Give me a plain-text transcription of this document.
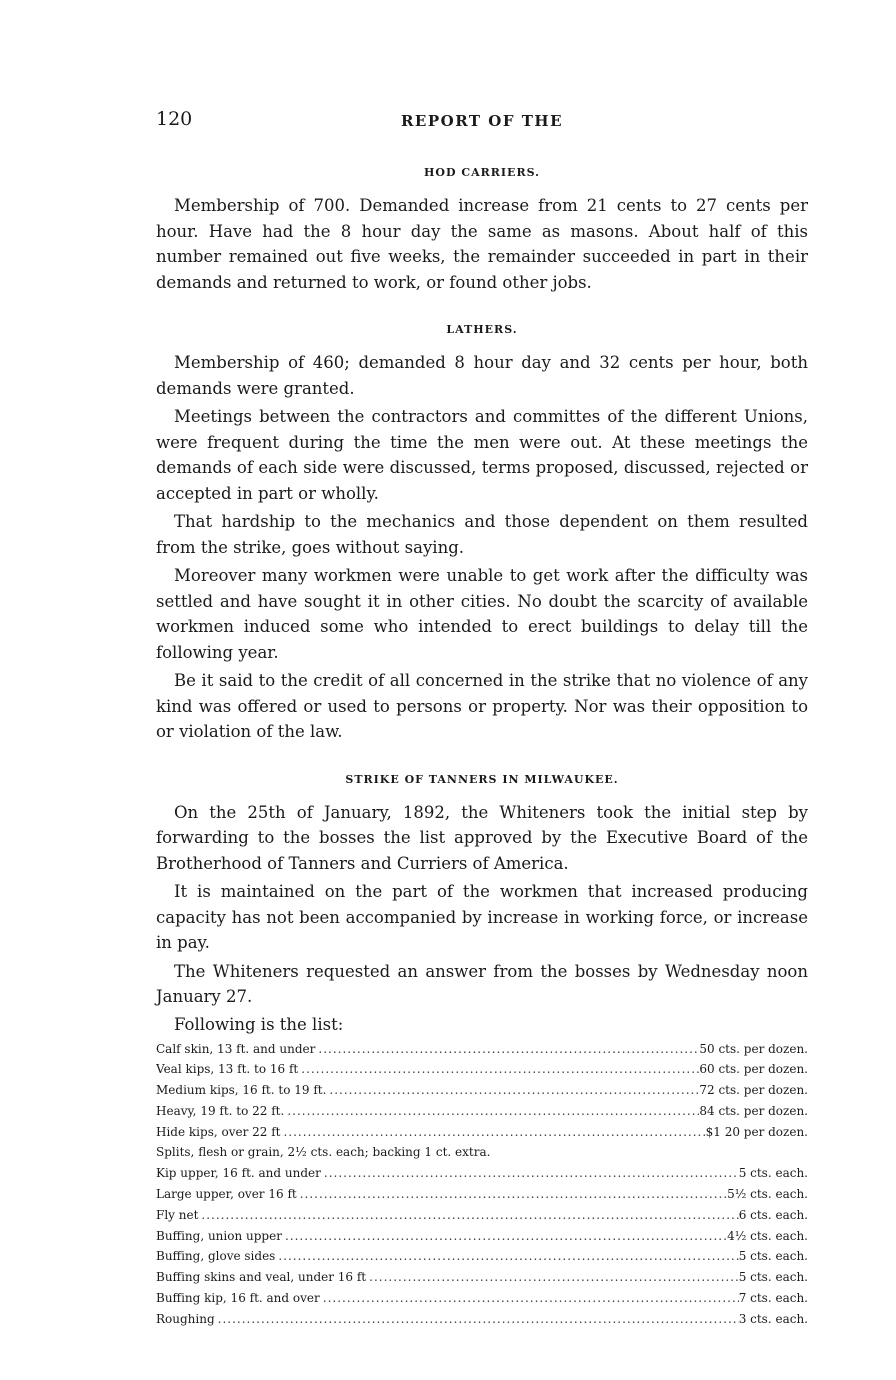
120	REPORT OF THE
HOD CARRIERS.

Membership of 700. Demanded increase from 21 cents to 27 cents per hour. Have had the 8 hour day the same as masons. About half of this number remained out five weeks, the remainder succeeded in part in their demands and returned to work, or found other jobs.

LATHERS.

Membership of 460; demanded 8 hour day and 32 cents per hour, both demands were granted.

Meetings between the contractors and committes of the different Unions, were frequent during the time the men were out. At these meetings the demands of each side were discussed, terms proposed, discussed, rejected or accepted in part or wholly.

That hardship to the mechanics and those dependent on them resulted from the strike, goes without saying.

Moreover many workmen were unable to get work after the difficulty was settled and have sought it in other cities. No doubt the scarcity of available workmen induced some who intended to erect buildings to delay till the following year.

Be it said to the credit of all concerned in the strike that no violence of any kind was offered or used to persons or property. Nor was their opposition to or violation of the law.

STRIKE OF TANNERS IN MILWAUKEE.

On the 25th of January, 1892, the Whiteners took the initial step by forwarding to the bosses the list approved by the Executive Board of the Brotherhood of Tanners and Curriers of America.

It is maintained on the part of the workmen that increased producing capacity has not been accompanied by increase in working force, or increase in pay.

The Whiteners requested an answer from the bosses by Wednesday noon January 27.

Following is the list:

Calf skin, 13 ft. and under .....	50 cts. per dozen.
Veal kips, 13 ft. to 16 ft .....	60 cts. per dozen.
Medium kips, 16 ft. to 19 ft. .....	72 cts. per dozen.
Heavy, 19 ft. to 22 ft. .....	84 cts. per dozen.
Hide kips, over 22 ft .....	$1 20 per dozen.
Splits, flesh or grain, 2½ cts. each; backing 1 ct. extra.
Kip upper, 16 ft. and under .....	5 cts. each.
Large upper, over 16 ft .....	5½ cts. each.
Fly net .....	6 cts. each.
Buffing, union upper .....	4½ cts. each.
Buffing, glove sides .....	5 cts. each.
Buffing skins and veal, under 16 ft .....	5 cts. each.
Buffing kip, 16 ft. and over .....	7 cts. each.
Roughing .....	3 cts. each.
